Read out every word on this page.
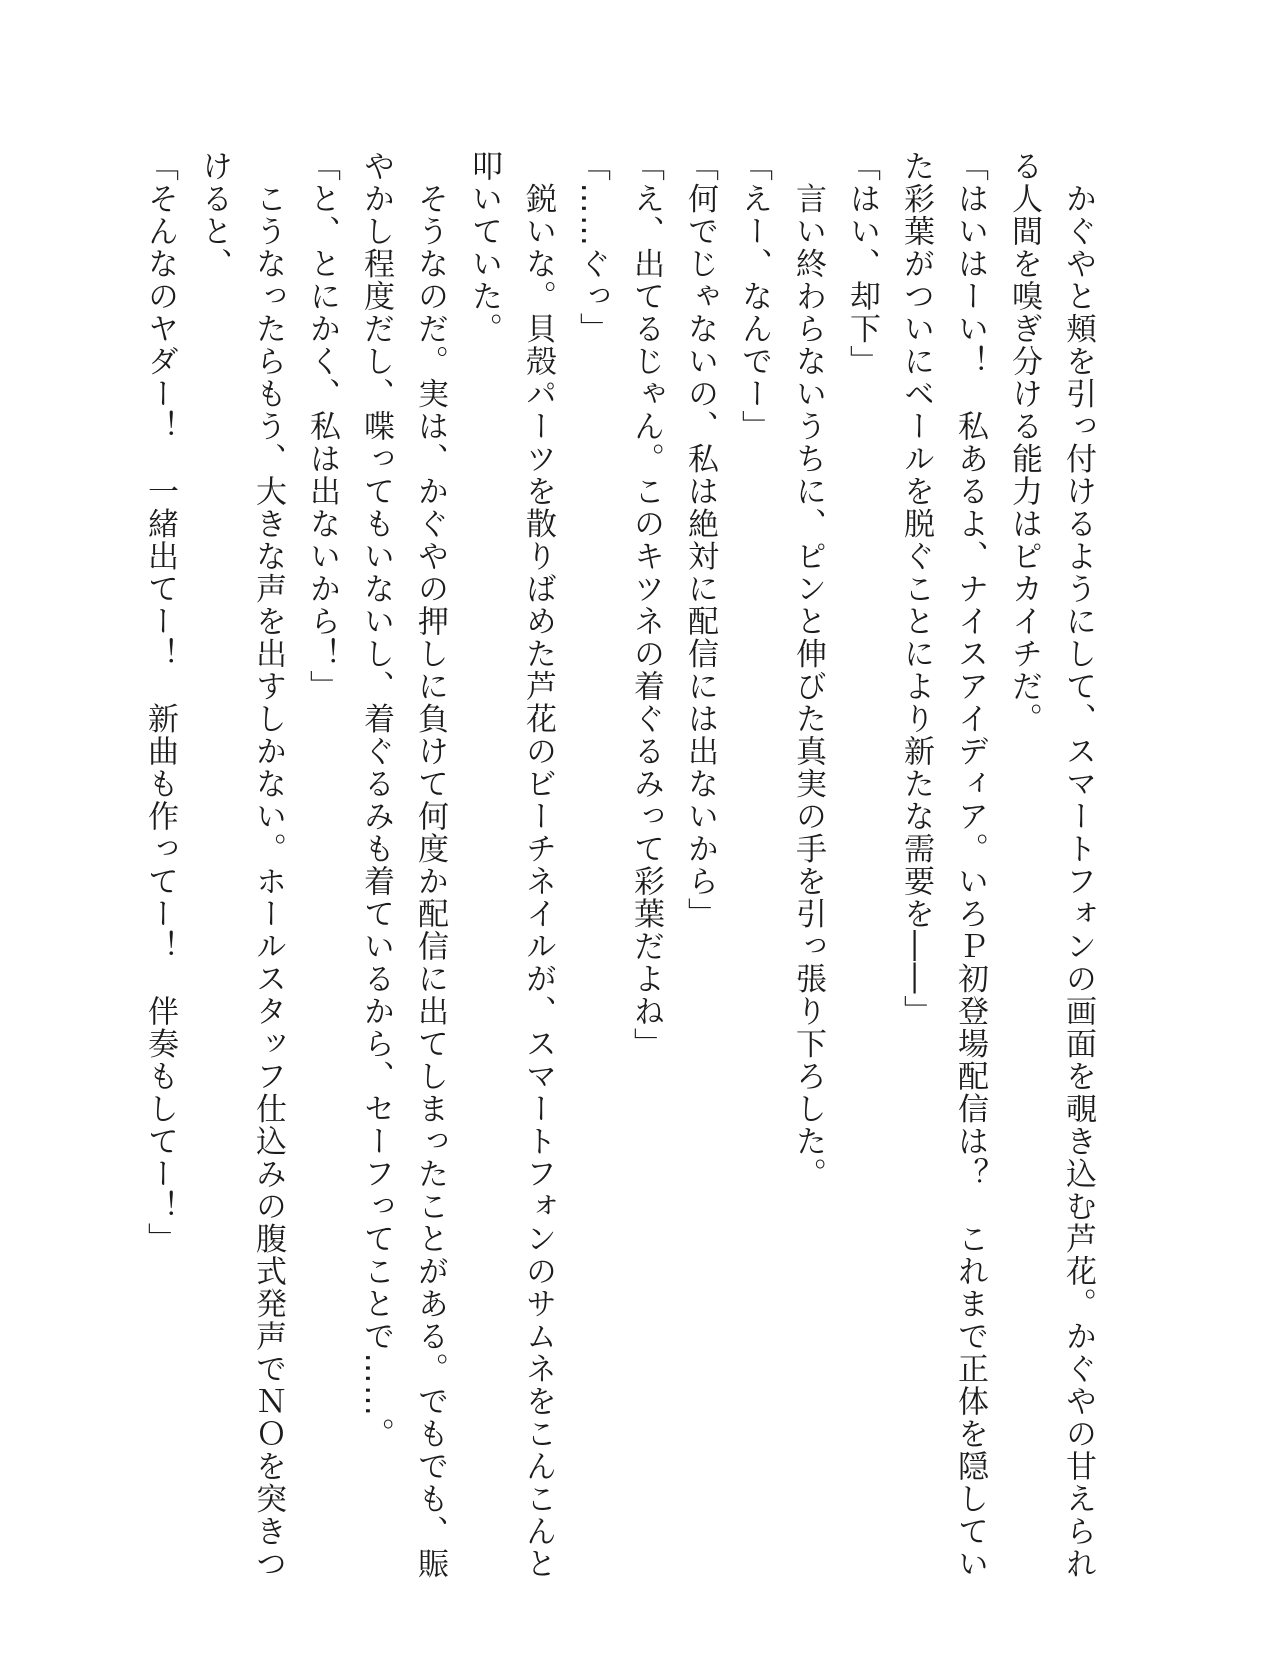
　かぐやと頬を引っ付けるようにして、スマートフォンの画面を覗き込む芦花。かぐやの甘えられ
る人間を嗅ぎ分ける能力はピカイチだ。
「はいはーい！　私あるよ、ナイスアイディア。いろＰ初登場配信は？　これまで正体を隠してい
た彩葉がついにベールを脱ぐことにより新たな需要を――」
「はい、却下」
　言い終わらないうちに、ピンと伸びた真実の手を引っ張り下ろした。
「えー、なんでー」
「何でじゃないの、私は絶対に配信には出ないから」
「え、出てるじゃん。このキツネの着ぐるみって彩葉だよね」
「……ぐっ」
　鋭いな。貝殻パーツを散りばめた芦花のビーチネイルが、スマートフォンのサムネをこんこんと
叩いていた。
　そうなのだ。実は、かぐやの押しに負けて何度か配信に出てしまったことがある。でもでも、賑
やかし程度だし、喋ってもいないし、着ぐるみも着ているから、セーフってことで……。
「と、とにかく、私は出ないから！」
　こうなったらもう、大きな声を出すしかない。ホールスタッフ仕込みの腹式発声でＮＯを突きつ
けると、
「そんなのヤダー！　一緒出てー！　新曲も作ってー！　伴奏もしてー！」
